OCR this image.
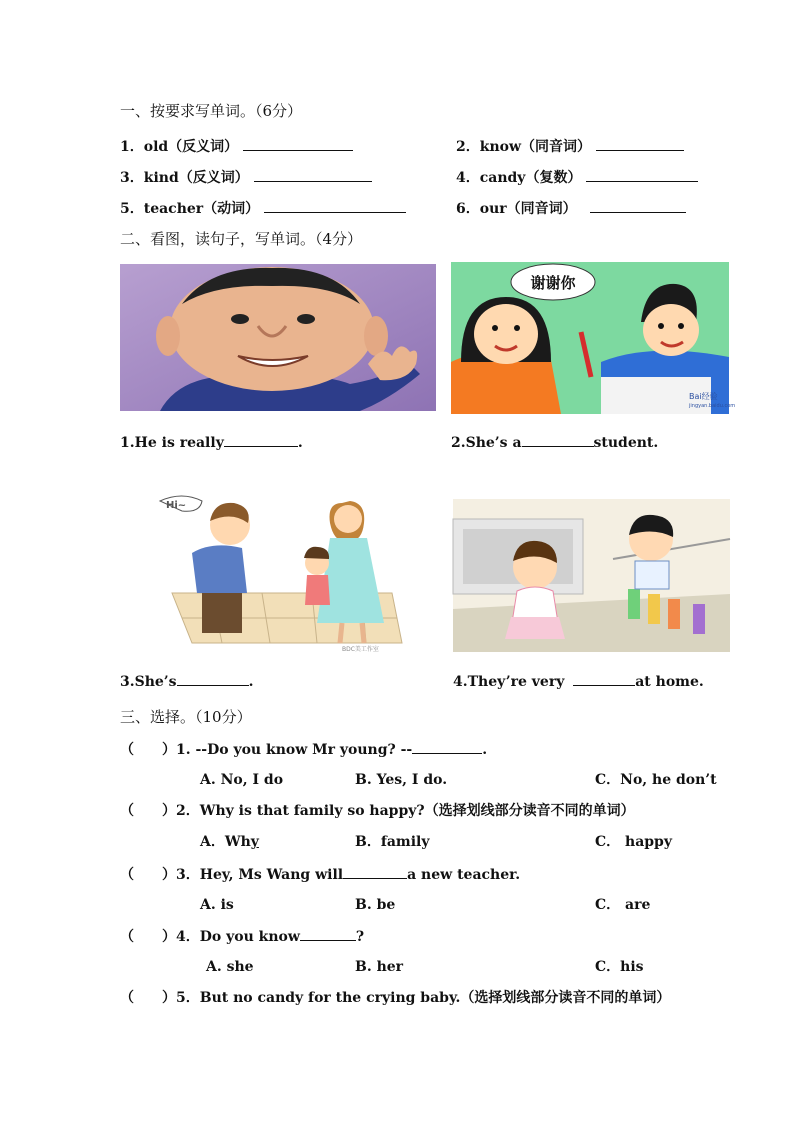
一、按要求写单词。（6分）
1．old（反义词）	2．know（同音词）
3．kind（反义词）	4．candy（复数）
5．teacher（动词）	6．our（同音词）
二、看图，读句子，写单词。（4分）
谢谢你
Bai经验
jingyan.baidu.com
1.He is really	.	2.She’s a	student.
Hi~
BDC美工作室
3.She’s	.	4.They’re very	at home.
三、选择。（10分）
（　　）1. --Do you know Mr young? --	.
A. No, I do	B. Yes, I do.	C．No, he don’t
（　　）2．Why is that family so happy?（选择划线部分读音不同的单词）
A．Why	B．family	C． happy
（　　）3．Hey, Ms Wang will	a new teacher.
A. is	B. be	C． are
（　　）4．Do you know	?
A. she	B. her	C．his
（　　）5．But no candy for the crying baby.（选择划线部分读音不同的单词）
